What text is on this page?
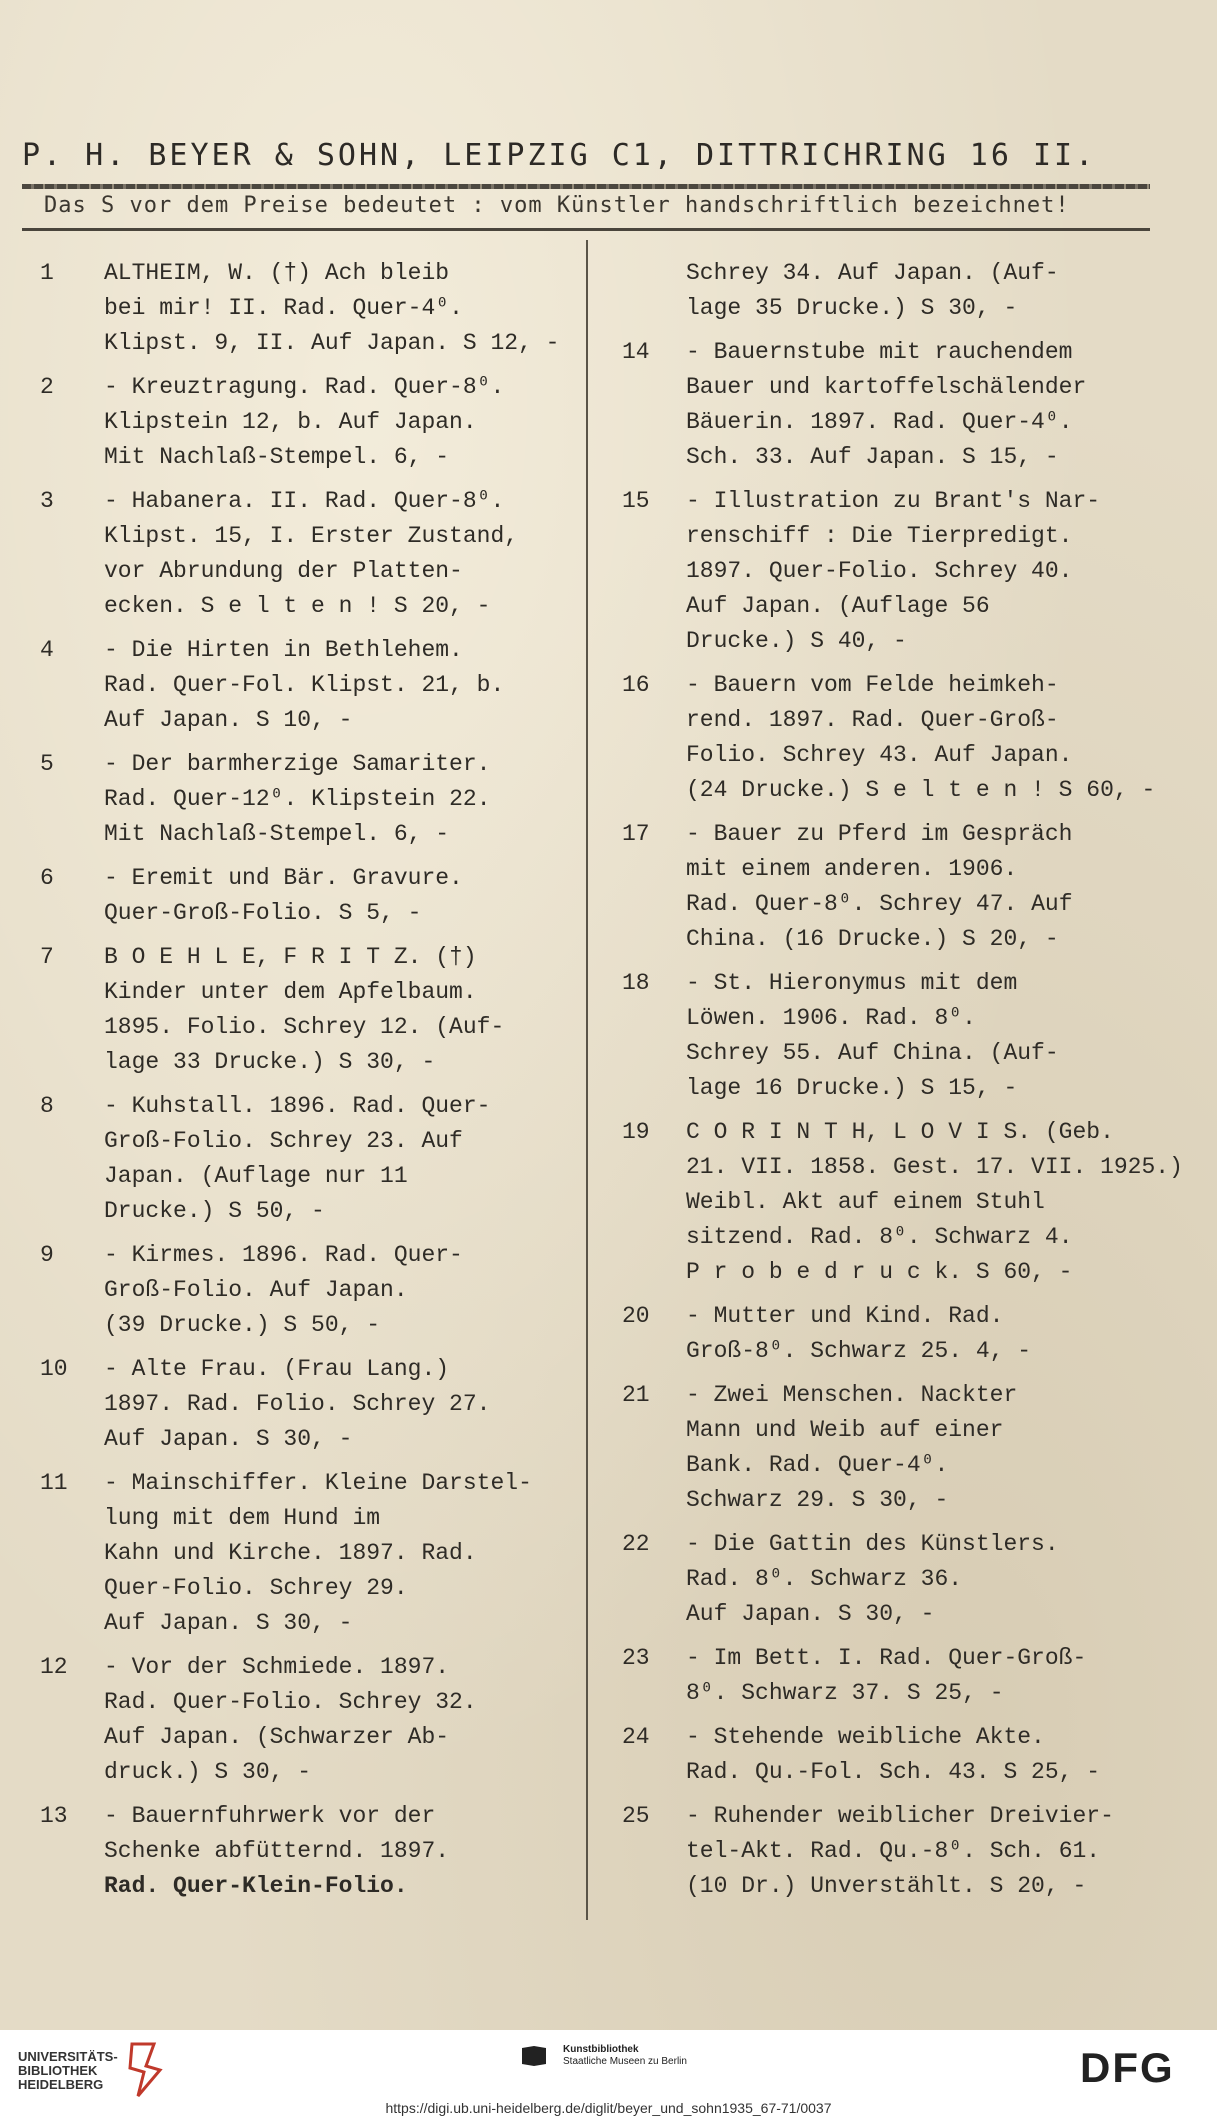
P. H. BEYER & SOHN, LEIPZIG C1, DITTRICHRING 16 II.
Das S vor dem Preise bedeutet : vom Künstler handschriftlich bezeichnet!
1	ALTHEIM, W. (†) Ach bleib
bei mir! II. Rad. Quer-4⁰.
Klipst. 9, II. Auf Japan. S 12, -
2	- Kreuztragung. Rad. Quer-8⁰.
Klipstein 12, b. Auf Japan.
Mit Nachlaß-Stempel. 6, -
3	- Habanera. II. Rad. Quer-8⁰.
Klipst. 15, I. Erster Zustand,
vor Abrundung der Platten-
ecken. S e l t e n ! S 20, -
4	- Die Hirten in Bethlehem.
Rad. Quer-Fol. Klipst. 21, b.
Auf Japan. S 10, -
5	- Der barmherzige Samariter.
Rad. Quer-12⁰. Klipstein 22.
Mit Nachlaß-Stempel. 6, -
6	- Eremit und Bär. Gravure.
Quer-Groß-Folio. S 5, -
7	B O E H L E, F R I T Z. (†)
Kinder unter dem Apfelbaum.
1895. Folio. Schrey 12. (Auf-
lage 33 Drucke.) S 30, -
8	- Kuhstall. 1896. Rad. Quer-
Groß-Folio. Schrey 23. Auf
Japan. (Auflage nur 11
Drucke.) S 50, -
9	- Kirmes. 1896. Rad. Quer-
Groß-Folio. Auf Japan.
(39 Drucke.) S 50, -
10	- Alte Frau. (Frau Lang.)
1897. Rad. Folio. Schrey 27.
Auf Japan. S 30, -
11	- Mainschiffer. Kleine Darstel-
lung mit dem Hund im
Kahn und Kirche. 1897. Rad.
Quer-Folio. Schrey 29.
Auf Japan. S 30, -
12	- Vor der Schmiede. 1897.
Rad. Quer-Folio. Schrey 32.
Auf Japan. (Schwarzer Ab-
druck.) S 30, -
13	- Bauernfuhrwerk vor der
Schenke abfütternd. 1897.
Rad. Quer-Klein-Folio.
Schrey 34. Auf Japan. (Auf-
lage 35 Drucke.) S 30, -
14	- Bauernstube mit rauchendem
Bauer und kartoffelschälender
Bäuerin. 1897. Rad. Quer-4⁰.
Sch. 33. Auf Japan. S 15, -
15	- Illustration zu Brant's Nar-
renschiff : Die Tierpredigt.
1897. Quer-Folio. Schrey 40.
Auf Japan. (Auflage 56
Drucke.) S 40, -
16	- Bauern vom Felde heimkeh-
rend. 1897. Rad. Quer-Groß-
Folio. Schrey 43. Auf Japan.
(24 Drucke.) S e l t e n ! S 60, -
17	- Bauer zu Pferd im Gespräch
mit einem anderen. 1906.
Rad. Quer-8⁰. Schrey 47. Auf
China. (16 Drucke.) S 20, -
18	- St. Hieronymus mit dem
Löwen. 1906. Rad. 8⁰.
Schrey 55. Auf China. (Auf-
lage 16 Drucke.) S 15, -
19	C O R I N T H, L O V I S. (Geb.
21. VII. 1858. Gest. 17. VII. 1925.)
Weibl. Akt auf einem Stuhl
sitzend. Rad. 8⁰. Schwarz 4.
P r o b e d r u c k. S 60, -
20	- Mutter und Kind. Rad.
Groß-8⁰. Schwarz 25. 4, -
21	- Zwei Menschen. Nackter
Mann und Weib auf einer
Bank. Rad. Quer-4⁰.
Schwarz 29. S 30, -
22	- Die Gattin des Künstlers.
Rad. 8⁰. Schwarz 36.
Auf Japan. S 30, -
23	- Im Bett. I. Rad. Quer-Groß-
8⁰. Schwarz 37. S 25, -
24	- Stehende weibliche Akte.
Rad. Qu.-Fol. Sch. 43. S 25, -
25	- Ruhender weiblicher Dreivier-
tel-Akt. Rad. Qu.-8⁰. Sch. 61.
(10 Dr.) Unverstählt. S 20, -
UNIVERSITÄTS-
BIBLIOTHEK
HEIDELBERG
Kunstbibliothek
Staatliche Museen zu Berlin	DFG
https://digi.ub.uni-heidelberg.de/diglit/beyer_und_sohn1935_67-71/0037
